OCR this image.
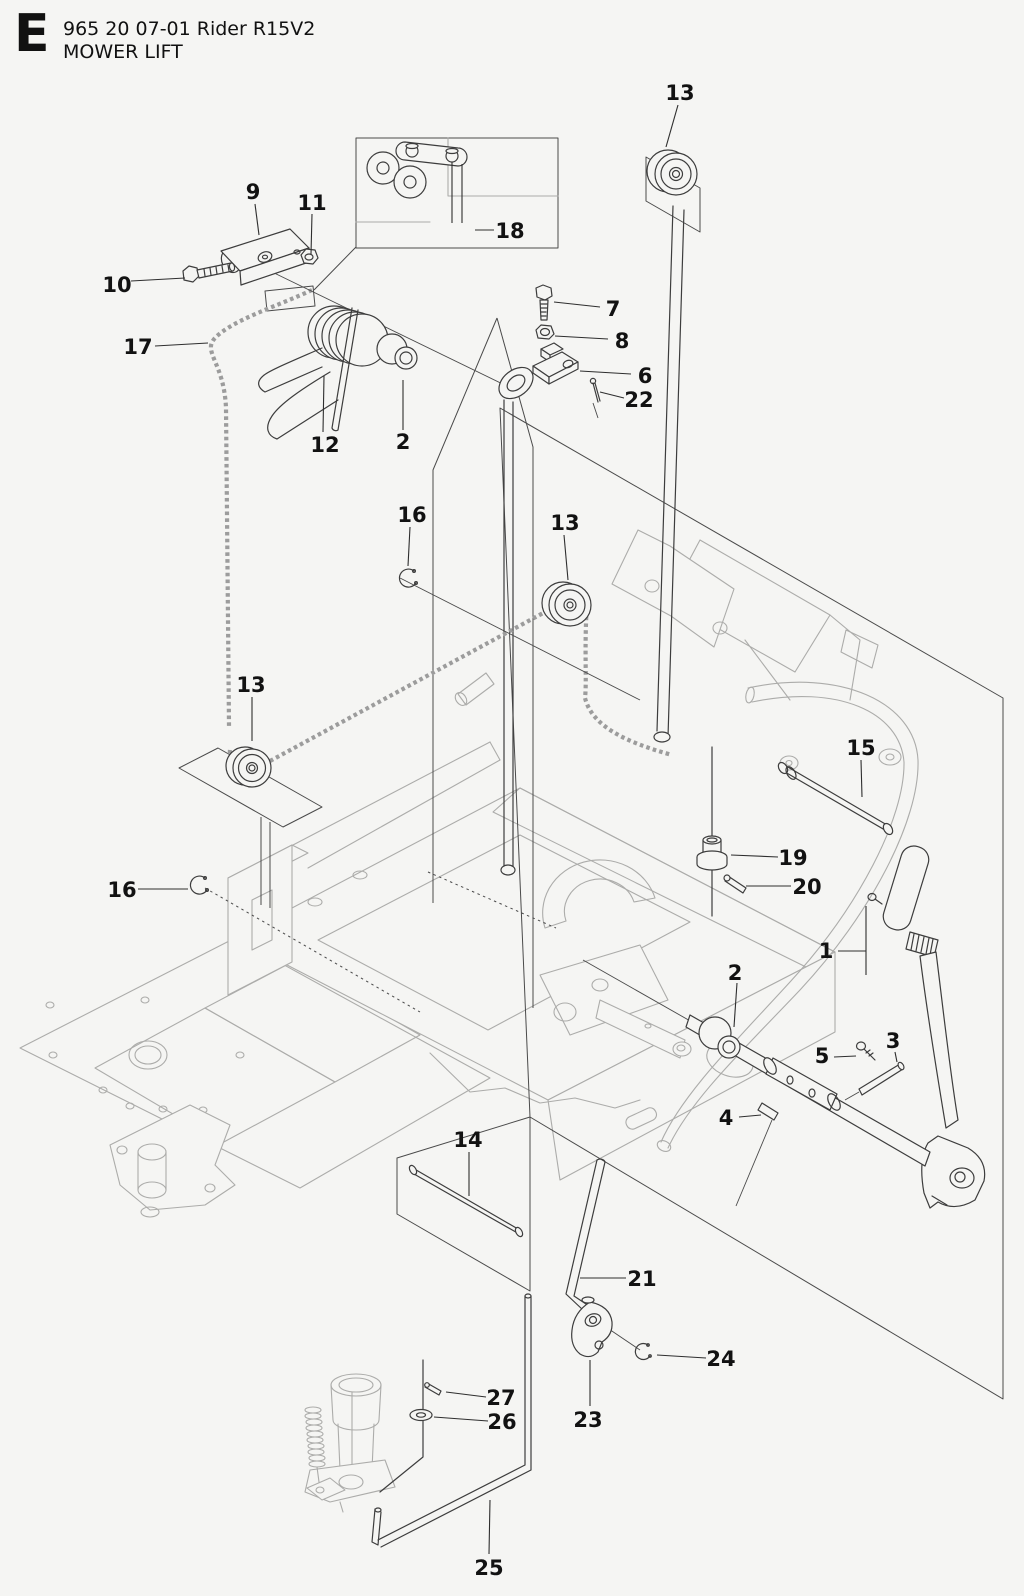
E 965 20 07-01 Rider R15V2
MOWER LIFT
1
2
2
3
4
5
6
7
8
9
10
11
12
13
13
13
14
15
16
16
17
18
19
20
21
22
23
24
25
26
27
